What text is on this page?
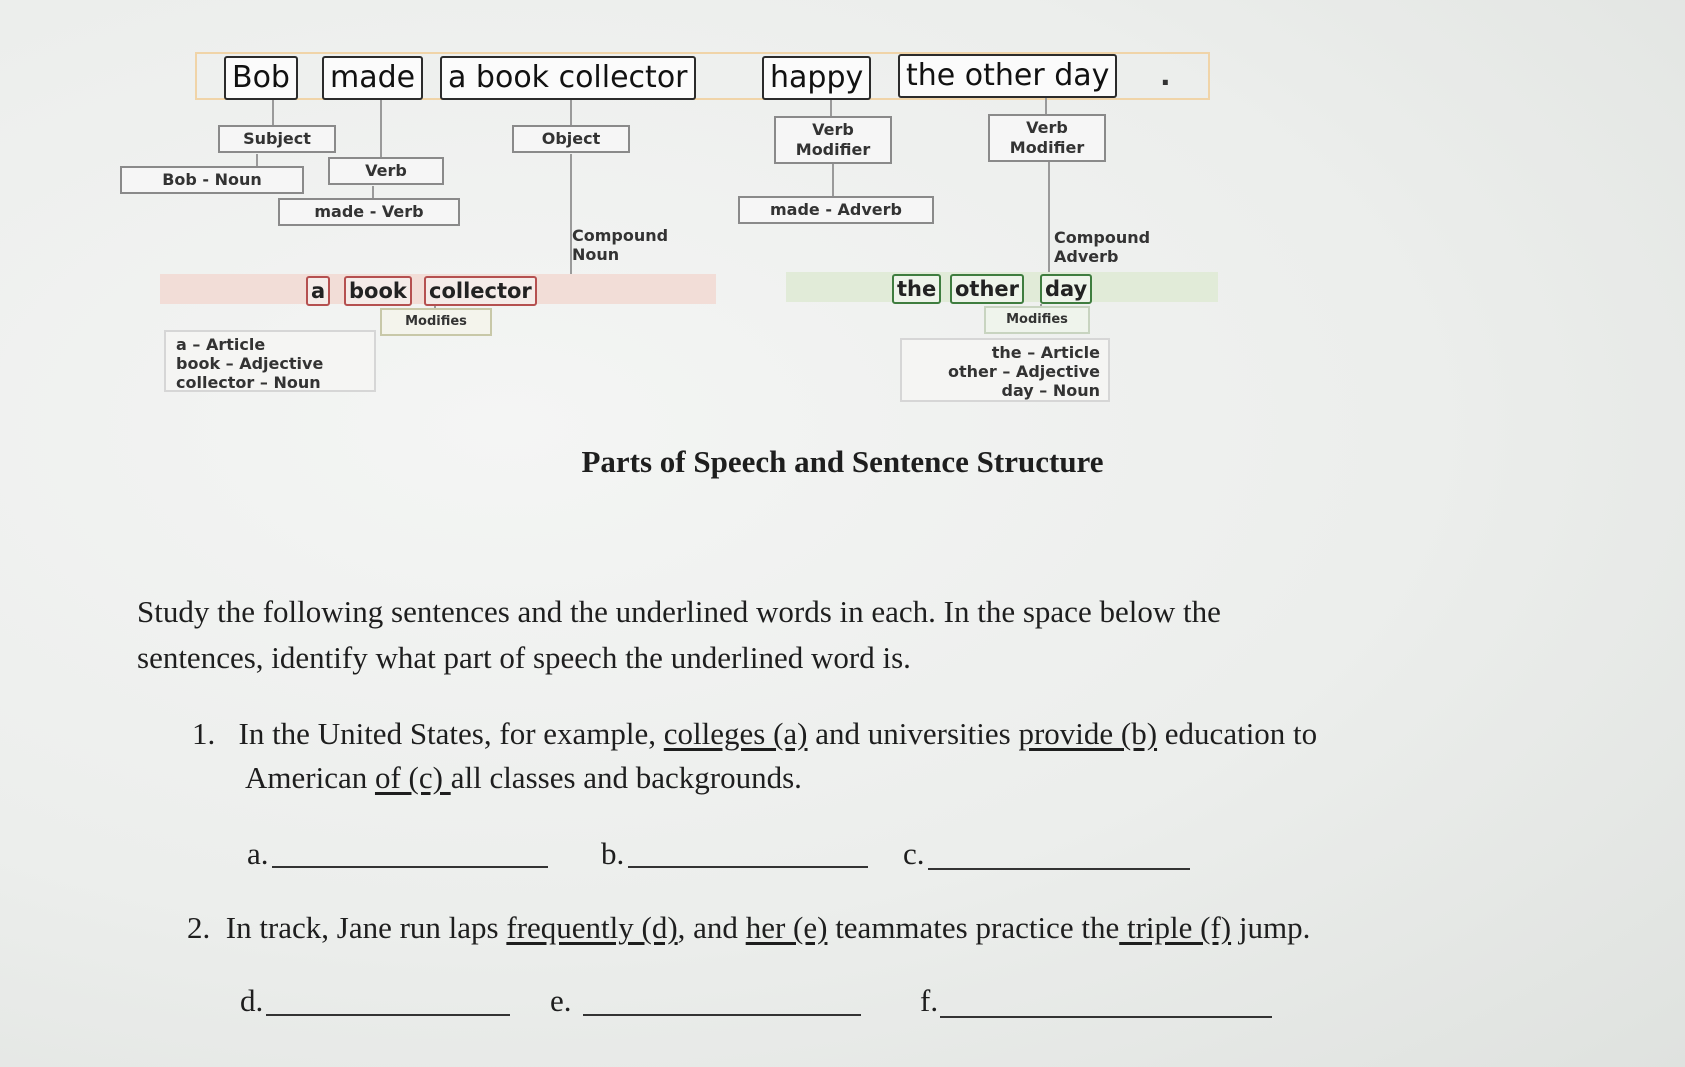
Bob made a book collector	happy the other day .
Subject	Object	Verb Modifier
Verb Modifier
Bob - Noun	Verb
made - Verb	made - Adverb
Compound Noun
Compound Adverb
a book collector	the other day
Modifies	Modifies
a – Article
book – Adjective
collector – Noun
the – Article
other – Adjective
day – Noun
Parts of Speech and Sentence Structure
Study the following sentences and the underlined words in each. In the space below the
sentences, identify what part of speech the underlined word is.
1. In the United States, for example, colleges (a) and universities provide (b) education to
American of (c) all classes and backgrounds.
a.	b.	c.
2. In track, Jane run laps frequently (d), and her (e) teammates practice the triple (f) jump.
d.	e.	f.
